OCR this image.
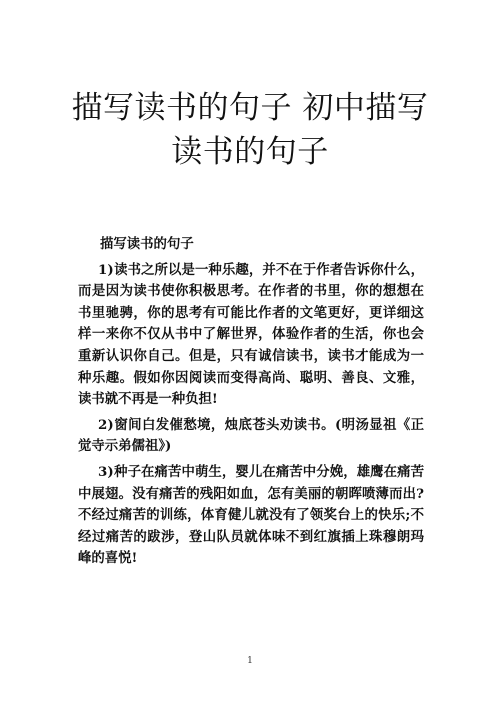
描写读书的句子 初中描写
读书的句子

描写读书的句子

1)读书之所以是一种乐趣，并不在于作者告诉你什么，而是因为读书使你积极思考。在作者的书里，你的想想在书里驰骋，你的思考有可能比作者的文笔更好，更详细这样一来你不仅从书中了解世界，体验作者的生活，你也会重新认识你自己。但是，只有诚信读书，读书才能成为一种乐趣。假如你因阅读而变得高尚、聪明、善良、文雅，读书就不再是一种负担!

2)窗间白发催愁境，烛底苍头劝读书。(明汤显祖《正觉寺示弟儒祖》)

3)种子在痛苦中萌生，婴儿在痛苦中分娩，雄鹰在痛苦中展翅。没有痛苦的残阳如血，怎有美丽的朝晖喷薄而出?不经过痛苦的训练，体育健儿就没有了领奖台上的快乐;不经过痛苦的跋涉，登山队员就体味不到红旗插上珠穆朗玛峰的喜悦!

1
